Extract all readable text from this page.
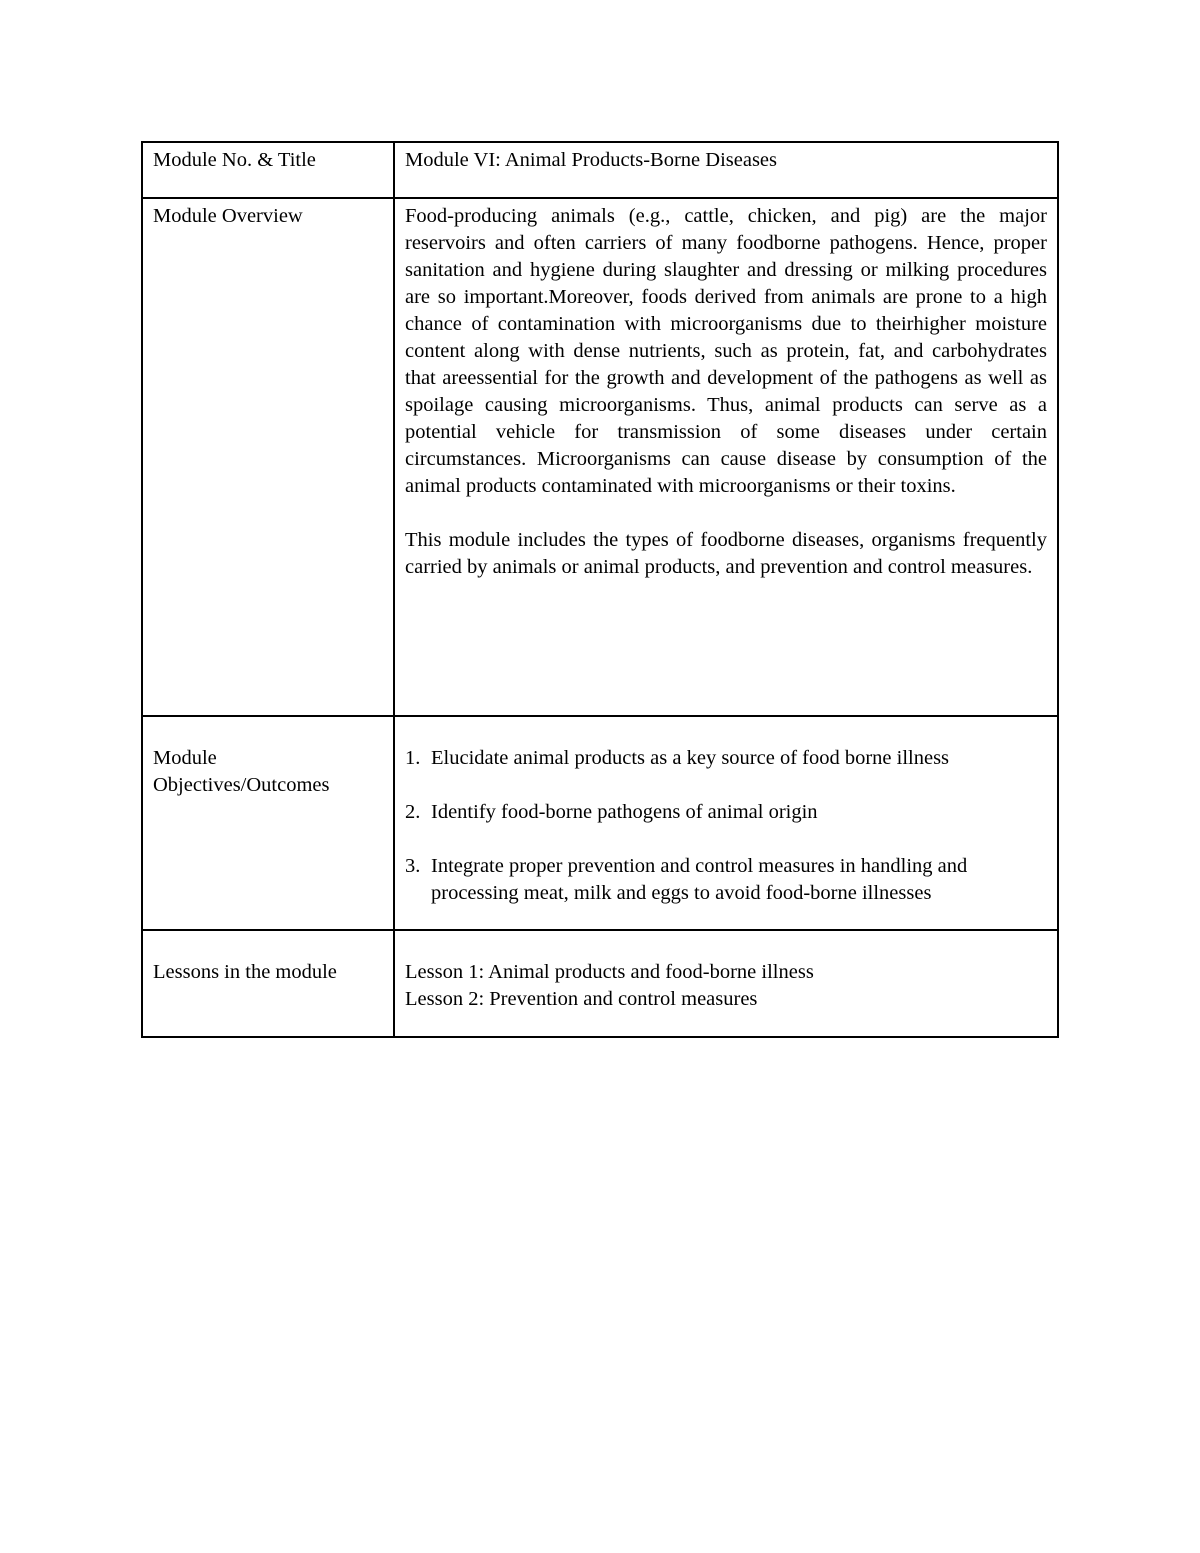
Module No. & Title	Module VI: Animal Products-Borne Diseases
Module Overview	Food-producing animals (e.g., cattle, chicken, and pig) are the major reservoirs and often carriers of many foodborne pathogens. Hence, proper sanitation and hygiene during slaughter and dressing or milking procedures are so important.Moreover, foods derived from animals are prone to a high chance of contamination with microorganisms due to theirhigher moisture content along with dense nutrients, such as protein, fat, and carbohydrates that areessential for the growth and development of the pathogens as well as spoilage causing microorganisms. Thus, animal products can serve as a potential vehicle for transmission of some diseases under certain circumstances. Microorganisms can cause disease by consumption of the animal products contaminated with microorganisms or their toxins.

This module includes the types of foodborne diseases, organisms frequently carried by animals or animal products, and prevention and control measures.

Module Objectives/Outcomes	1. Elucidate animal products as a key source of food borne illness
2. Identify food-borne pathogens of animal origin
3. Integrate proper prevention and control measures in handling and processing meat, milk and eggs to avoid food-borne illnesses

Lessons in the module	Lesson 1: Animal products and food-borne illness
Lesson 2: Prevention and control measures
